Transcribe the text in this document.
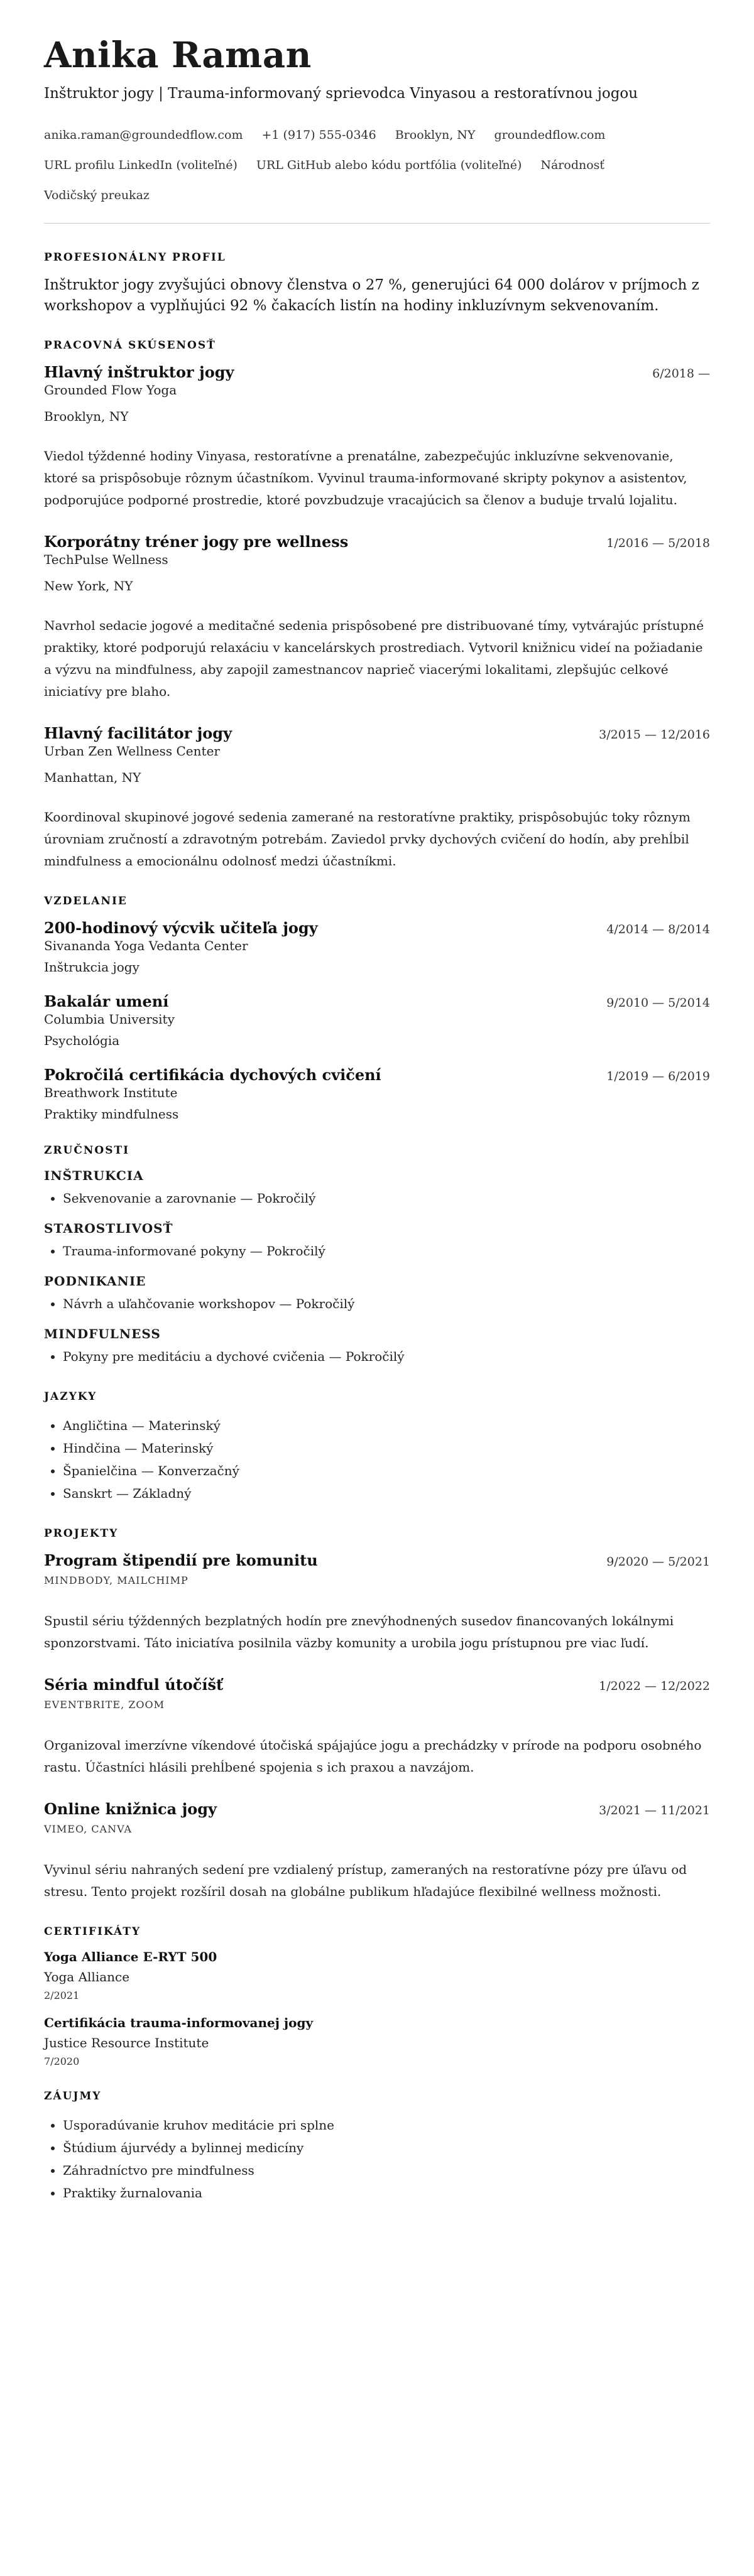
Anika Raman
Inštruktor jogy | Trauma-informovaný sprievodca Vinyasou a restoratívnou jogou
anika.raman@groundedflow.com +1 (917) 555-0346 Brooklyn, NY groundedflow.com
URL profilu LinkedIn (voliteľné) URL GitHub alebo kódu portfólia (voliteľné) Národnosť
Vodičský preukaz
PROFESIONÁLNY PROFIL

Inštruktor jogy zvyšujúci obnovy členstva o 27 %, generujúci 64 000 dolárov v príjmoch z workshopov a vyplňujúci 92 % čakacích listín na hodiny inkluzívnym sekvenovaním.

PRACOVNÁ SKÚSENOSŤ
Hlavný inštruktor jogy	6/2018 —
Grounded Flow Yoga
Brooklyn, NY
Viedol týždenné hodiny Vinyasa, restoratívne a prenatálne, zabezpečujúc inkluzívne sekvenovanie, ktoré sa prispôsobuje rôznym účastníkom. Vyvinul trauma-informované skripty pokynov a asistentov, podporujúce podporné prostredie, ktoré povzbudzuje vracajúcich sa členov a buduje trvalú lojalitu.
Korporátny tréner jogy pre wellness	1/2016 — 5/2018
TechPulse Wellness
New York, NY
Navrhol sedacie jogové a meditačné sedenia prispôsobené pre distribuované tímy, vytvárajúc prístupné praktiky, ktoré podporujú relaxáciu v kancelárskych prostrediach. Vytvoril knižnicu videí na požiadanie a výzvu na mindfulness, aby zapojil zamestnancov naprieč viacerými lokalitami, zlepšujúc celkové iniciatívy pre blaho.
Hlavný facilitátor jogy	3/2015 — 12/2016
Urban Zen Wellness Center
Manhattan, NY
Koordinoval skupinové jogové sedenia zamerané na restoratívne praktiky, prispôsobujúc toky rôznym úrovniam zručností a zdravotným potrebám. Zaviedol prvky dychových cvičení do hodín, aby prehĺbil mindfulness a emocionálnu odolnosť medzi účastníkmi.
VZDELANIE
200-hodinový výcvik učiteľa jogy	4/2014 — 8/2014
Sivananda Yoga Vedanta Center
Inštrukcia jogy
Bakalár umení	9/2010 — 5/2014
Columbia University
Psychológia
Pokročilá certifikácia dychových cvičení	1/2019 — 6/2019
Breathwork Institute
Praktiky mindfulness
ZRUČNOSTI
INŠTRUKCIA
• Sekvenovanie a zarovnanie — Pokročilý
STAROSTLIVOSŤ
• Trauma-informované pokyny — Pokročilý
PODNIKANIE
• Návrh a uľahčovanie workshopov — Pokročilý
MINDFULNESS
• Pokyny pre meditáciu a dychové cvičenia — Pokročilý
JAZYKY
• Angličtina — Materinský
• Hindčina — Materinský
• Španielčina — Konverzačný
• Sanskrt — Základný
PROJEKTY
Program štipendií pre komunitu	9/2020 — 5/2021
MINDBODY, MAILCHIMP
Spustil sériu týždenných bezplatných hodín pre znevýhodnených susedov financovaných lokálnymi sponzorstvami. Táto iniciatíva posilnila väzby komunity a urobila jogu prístupnou pre viac ľudí.
Séria mindful útočíšť	1/2022 — 12/2022
EVENTBRITE, ZOOM
Organizoval imerzívne víkendové útočiská spájajúce jogu a prechádzky v prírode na podporu osobného rastu. Účastníci hlásili prehĺbené spojenia s ich praxou a navzájom.
Online knižnica jogy	3/2021 — 11/2021
VIMEO, CANVA
Vyvinul sériu nahraných sedení pre vzdialený prístup, zameraných na restoratívne pózy pre úľavu od stresu. Tento projekt rozšíril dosah na globálne publikum hľadajúce flexibilné wellness možnosti.
CERTIFIKÁTY
Yoga Alliance E-RYT 500
Yoga Alliance
2/2021
Certifikácia trauma-informovanej jogy
Justice Resource Institute
7/2020
ZÁUJMY
• Usporadúvanie kruhov meditácie pri splne
• Štúdium ájurvédy a bylinnej medicíny
• Záhradníctvo pre mindfulness
• Praktiky žurnalovania
